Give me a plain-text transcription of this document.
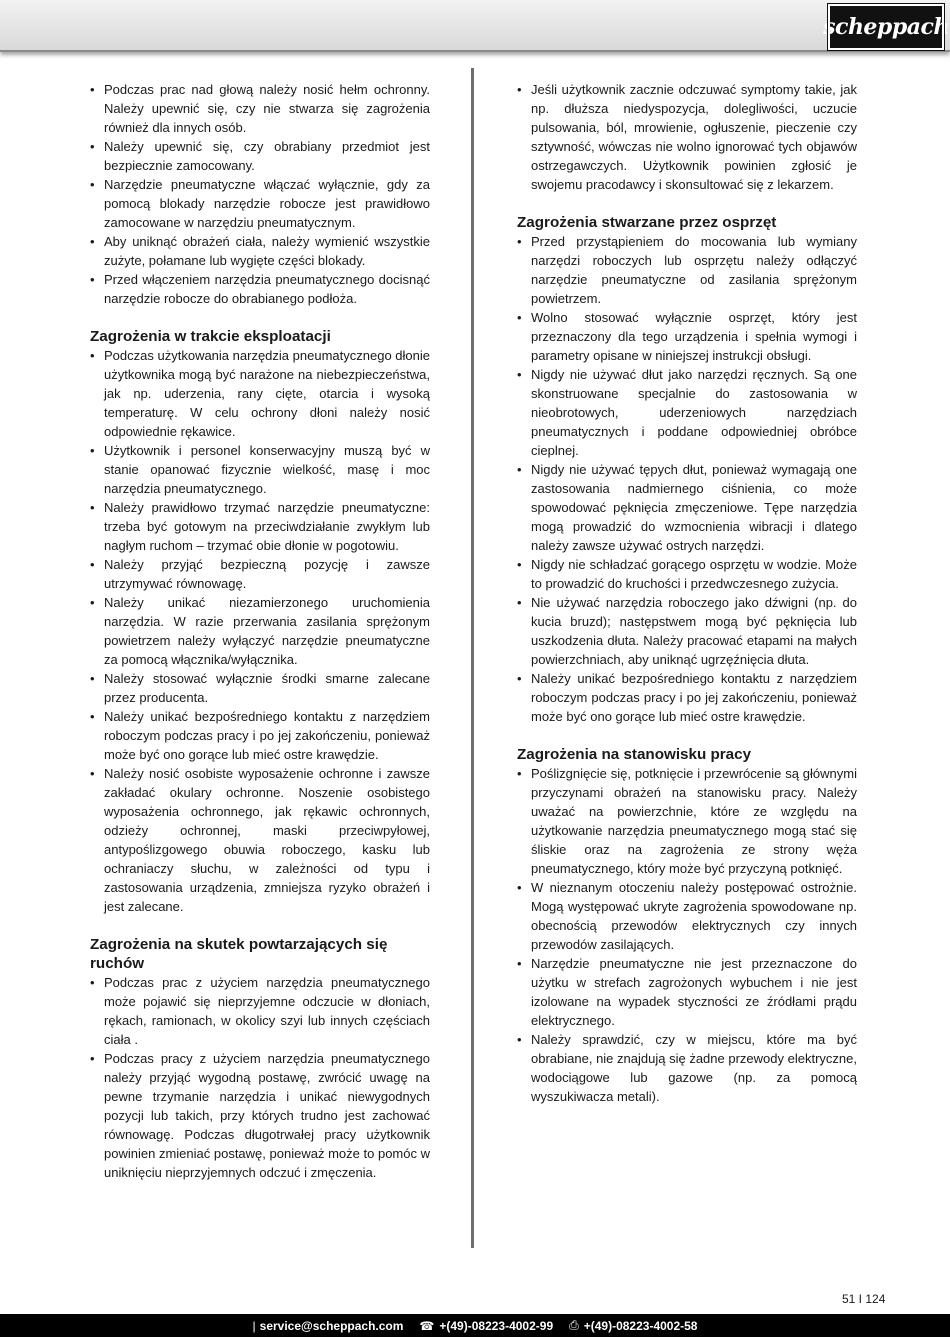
scheppach
• Podczas prac nad głową należy nosić hełm ochronny. Należy upewnić się, czy nie stwarza się zagrożenia również dla innych osób.
• Należy upewnić się, czy obrabiany przedmiot jest bezpiecznie zamocowany.
• Narzędzie pneumatyczne włączać wyłącznie, gdy za pomocą blokady narzędzie robocze jest prawidłowo zamocowane w narzędziu pneumatycznym.
• Aby uniknąć obrażeń ciała, należy wymienić wszystkie zużyte, połamane lub wygięte części blokady.
• Przed włączeniem narzędzia pneumatycznego docisnąć narzędzie robocze do obrabianego podłoża.
Zagrożenia w trakcie eksploatacji
• Podczas użytkowania narzędzia pneumatycznego dłonie użytkownika mogą być narażone na niebezpieczeństwa, jak np. uderzenia, rany cięte, otarcia i wysoką temperaturę. W celu ochrony dłoni należy nosić odpowiednie rękawice.
• Użytkownik i personel konserwacyjny muszą być w stanie opanować fizycznie wielkość, masę i moc narzędzia pneumatycznego.
• Należy prawidłowo trzymać narzędzie pneumatyczne: trzeba być gotowym na przeciwdziałanie zwykłym lub nagłym ruchom – trzymać obie dłonie w pogotowiu.
• Należy przyjąć bezpieczną pozycję i zawsze utrzymywać równowagę.
• Należy unikać niezamierzonego uruchomienia narzędzia. W razie przerwania zasilania sprężonym powietrzem należy wyłączyć narzędzie pneumatyczne za pomocą włącznika/wyłącznika.
• Należy stosować wyłącznie środki smarne zalecane przez producenta.
• Należy unikać bezpośredniego kontaktu z narzędziem roboczym podczas pracy i po jej zakończeniu, ponieważ może być ono gorące lub mieć ostre krawędzie.
• Należy nosić osobiste wyposażenie ochronne i zawsze zakładać okulary ochronne. Noszenie osobistego wyposażenia ochronnego, jak rękawic ochronnych, odzieży ochronnej, maski przeciwpyłowej, antypoślizgowego obuwia roboczego, kasku lub ochraniaczy słuchu, w zależności od typu i zastosowania urządzenia, zmniejsza ryzyko obrażeń i jest zalecane.
Zagrożenia na skutek powtarzających się ruchów
• Podczas prac z użyciem narzędzia pneumatycznego może pojawić się nieprzyjemne odczucie w dłoniach, rękach, ramionach, w okolicy szyi lub innych częściach ciała .
• Podczas pracy z użyciem narzędzia pneumatycznego należy przyjąć wygodną postawę, zwrócić uwagę na pewne trzymanie narzędzia i unikać niewygodnych pozycji lub takich, przy których trudno jest zachować równowagę. Podczas długotrwałej pracy użytkownik powinien zmieniać postawę, ponieważ może to pomóc w uniknięciu nieprzyjemnych odczuć i zmęczenia.
• Jeśli użytkownik zacznie odczuwać symptomy takie, jak np. dłuższa niedyspozycja, dolegliwości, uczucie pulsowania, ból, mrowienie, ogłuszenie, pieczenie czy sztywność, wówczas nie wolno ignorować tych objawów ostrzegawczych. Użytkownik powinien zgłosić je swojemu pracodawcy i skonsultować się z lekarzem.
Zagrożenia stwarzane przez osprzęt
• Przed przystąpieniem do mocowania lub wymiany narzędzi roboczych lub osprzętu należy odłączyć narzędzie pneumatyczne od zasilania sprężonym powietrzem.
• Wolno stosować wyłącznie osprzęt, który jest przeznaczony dla tego urządzenia i spełnia wymogi i parametry opisane w niniejszej instrukcji obsługi.
• Nigdy nie używać dłut jako narzędzi ręcznych. Są one skonstruowane specjalnie do zastosowania w nieobrotowych, uderzeniowych narzędziach pneumatycznych i poddane odpowiedniej obróbce cieplnej.
• Nigdy nie używać tępych dłut, ponieważ wymagają one zastosowania nadmiernego ciśnienia, co może spowodować pęknięcia zmęczeniowe. Tępe narzędzia mogą prowadzić do wzmocnienia wibracji i dlatego należy zawsze używać ostrych narzędzi.
• Nigdy nie schładzać gorącego osprzętu w wodzie. Może to prowadzić do kruchości i przedwczesnego zużycia.
• Nie używać narzędzia roboczego jako dźwigni (np. do kucia bruzd); następstwem mogą być pęknięcia lub uszkodzenia dłuta. Należy pracować etapami na małych powierzchniach, aby uniknąć ugrzęźnięcia dłuta.
• Należy unikać bezpośredniego kontaktu z narzędziem roboczym podczas pracy i po jej zakończeniu, ponieważ może być ono gorące lub mieć ostre krawędzie.
Zagrożenia na stanowisku pracy
• Poślizgnięcie się, potknięcie i przewrócenie są głównymi przyczynami obrażeń na stanowisku pracy. Należy uważać na powierzchnie, które ze względu na użytkowanie narzędzia pneumatycznego mogą stać się śliskie oraz na zagrożenia ze strony węża pneumatycznego, który może być przyczyną potknięć.
• W nieznanym otoczeniu należy postępować ostrożnie. Mogą występować ukryte zagrożenia spowodowane np. obecnością przewodów elektrycznych czy innych przewodów zasilających.
• Narzędzie pneumatyczne nie jest przeznaczone do użytku w strefach zagrożonych wybuchem i nie jest izolowane na wypadek styczności ze źródłami prądu elektrycznego.
• Należy sprawdzić, czy w miejscu, które ma być obrabiane, nie znajdują się żadne przewody elektryczne, wodociągowe lub gazowe (np. za pomocą wyszukiwacza metali).
51 I 124
| service@scheppach.com ☎ +(49)-08223-4002-99 ⎙ +(49)-08223-4002-58
